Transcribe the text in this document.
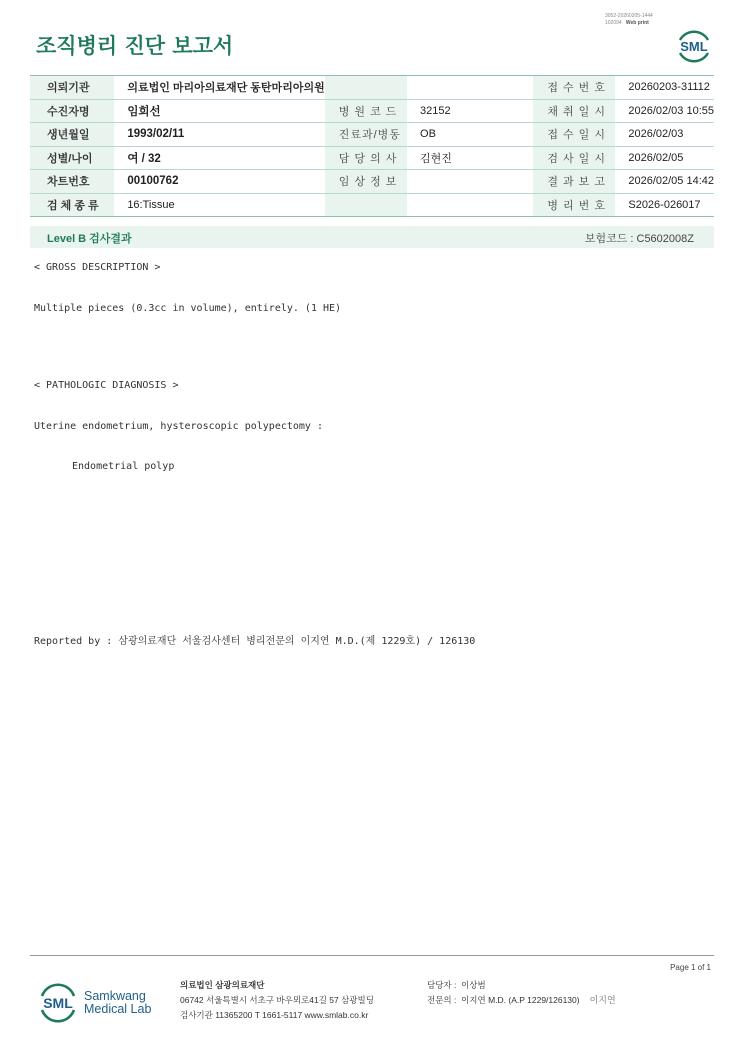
조직병리 진단 보고서
3052-20260205-1444
102094 Web print
SML
의뢰기관	의료법인 마리아의료재단 동탄마리아의원			접 수 번 호	20260203-31112
수진자명	임희선	병 원 코 드	32152	채 취 일 시	2026/02/03 10:55
생년월일	1993/02/11	진료과/병동	OB	접 수 일 시	2026/02/03
성별/나이	여 / 32	담 당 의 사	김현진	검 사 일 시	2026/02/05
차트번호	00100762	임 상 정 보		결 과 보 고	2026/02/05 14:42
검 체 종 류	16:Tissue			병 리 번 호	S2026-026017
Level B 검사결과	보험코드 : C5602008Z
< GROSS DESCRIPTION >
Multiple pieces (0.3cc in volume), entirely. (1 HE)
< PATHOLOGIC DIAGNOSIS >
Uterine endometrium, hysteroscopic polypectomy :
Endometrial polyp
Reported by : 삼광의료재단 서울검사센터 병리전문의 이지연 M.D.(제 1229호) / 126130
Page 1 of 1
SML Samkwang
Medical Lab
의료법인 삼광의료재단
06742 서울특별시 서초구 바우뫼로41길 57 삼광빌딩
검사기관 11365200 T 1661-5117 www.smlab.co.kr
담당자 : 이상범
전문의 : 이지연 M.D. (A.P 1229/126130) 이지연
